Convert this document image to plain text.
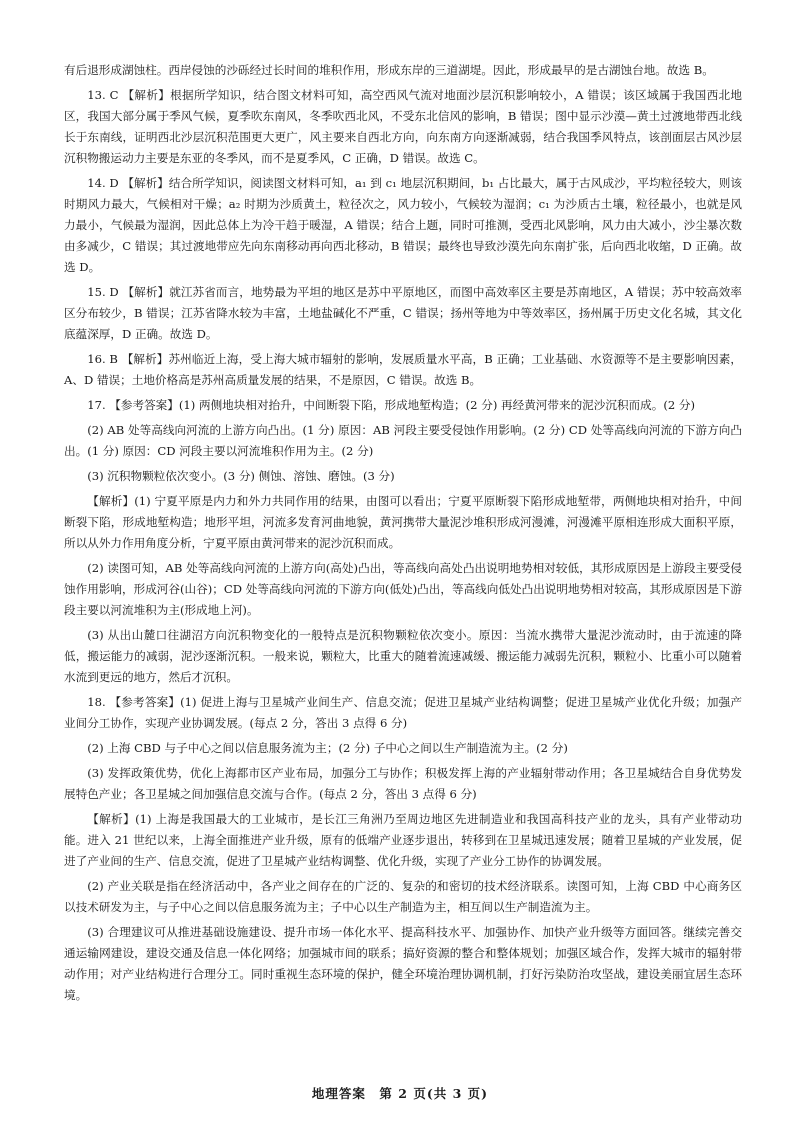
有后退形成湖蚀柱。西岸侵蚀的沙砾经过长时间的堆积作用，形成东岸的三道湖堤。因此，形成最早的是古湖蚀台地。故选 B。

13. C 【解析】根据所学知识，结合图文材料可知，高空西风气流对地面沙层沉积影响较小，A 错误；该区域属于我国西北地区，我国大部分属于季风气候，夏季吹东南风，冬季吹西北风，不受东北信风的影响，B 错误；图中显示沙漠—黄土过渡地带西北线长于东南线，证明西北沙层沉积范围更大更广，风主要来自西北方向，向东南方向逐渐减弱，结合我国季风特点，该剖面层古风沙层沉积物搬运动力主要是东亚的冬季风，而不是夏季风，C 正确，D 错误。故选 C。

14. D 【解析】结合所学知识，阅读图文材料可知，a₁ 到 c₁ 地层沉积期间，b₁ 占比最大，属于古风成沙，平均粒径较大，则该时期风力最大，气候相对干燥；a₂ 时期为沙质黄土，粒径次之，风力较小，气候较为湿润；c₁ 为沙质古土壤，粒径最小，也就是风力最小，气候最为湿润，因此总体上为冷干趋于暖湿，A 错误；结合上题，同时可推测，受西北风影响，风力由大减小，沙尘暴次数由多减少，C 错误；其过渡地带应先向东南移动再向西北移动，B 错误；最终也导致沙漠先向东南扩张，后向西北收缩，D 正确。故选 D。

15. D 【解析】就江苏省而言，地势最为平坦的地区是苏中平原地区，而图中高效率区主要是苏南地区，A 错误；苏中较高效率区分布较少，B 错误；江苏省降水较为丰富，土地盐碱化不严重，C 错误；扬州等地为中等效率区，扬州属于历史文化名城，其文化底蕴深厚，D 正确。故选 D。

16. B 【解析】苏州临近上海，受上海大城市辐射的影响，发展质量水平高，B 正确；工业基础、水资源等不是主要影响因素，A、D 错误；土地价格高是苏州高质量发展的结果，不是原因，C 错误。故选 B。

17. 【参考答案】(1) 两侧地块相对抬升，中间断裂下陷，形成地堑构造；(2 分) 再经黄河带来的泥沙沉积而成。(2 分)

(2) AB 处等高线向河流的上游方向凸出。(1 分) 原因：AB 河段主要受侵蚀作用影响。(2 分) CD 处等高线向河流的下游方向凸出。(1 分) 原因：CD 河段主要以河流堆积作用为主。(2 分)

(3) 沉积物颗粒依次变小。(3 分) 侧蚀、溶蚀、磨蚀。(3 分)

【解析】(1) 宁夏平原是内力和外力共同作用的结果，由图可以看出；宁夏平原断裂下陷形成地堑带，两侧地块相对抬升，中间断裂下陷，形成地堑构造；地形平坦，河流多发育河曲地貌，黄河携带大量泥沙堆积形成河漫滩，河漫滩平原相连形成大面积平原，所以从外力作用角度分析，宁夏平原由黄河带来的泥沙沉积而成。

(2) 读图可知，AB 处等高线向河流的上游方向(高处)凸出，等高线向高处凸出说明地势相对较低，其形成原因是上游段主要受侵蚀作用影响，形成河谷(山谷)；CD 处等高线向河流的下游方向(低处)凸出，等高线向低处凸出说明地势相对较高，其形成原因是下游段主要以河流堆积为主(形成地上河)。

(3) 从出山麓口往湖沼方向沉积物变化的一般特点是沉积物颗粒依次变小。原因：当流水携带大量泥沙流动时，由于流速的降低，搬运能力的减弱，泥沙逐渐沉积。一般来说，颗粒大，比重大的随着流速减缓、搬运能力减弱先沉积，颗粒小、比重小可以随着水流到更远的地方，然后才沉积。

18. 【参考答案】(1) 促进上海与卫星城产业间生产、信息交流；促进卫星城产业结构调整；促进卫星城产业优化升级；加强产业间分工协作，实现产业协调发展。(每点 2 分，答出 3 点得 6 分)

(2) 上海 CBD 与子中心之间以信息服务流为主；(2 分) 子中心之间以生产制造流为主。(2 分)

(3) 发挥政策优势，优化上海都市区产业布局，加强分工与协作；积极发挥上海的产业辐射带动作用；各卫星城结合自身优势发展特色产业；各卫星城之间加强信息交流与合作。(每点 2 分，答出 3 点得 6 分)

【解析】(1) 上海是我国最大的工业城市，是长江三角洲乃至周边地区先进制造业和我国高科技产业的龙头，具有产业带动功能。进入 21 世纪以来，上海全面推进产业升级，原有的低端产业逐步退出，转移到在卫星城迅速发展；随着卫星城的产业发展，促进了产业间的生产、信息交流，促进了卫星城产业结构调整、优化升级，实现了产业分工协作的协调发展。

(2) 产业关联是指在经济活动中，各产业之间存在的广泛的、复杂的和密切的技术经济联系。读图可知，上海 CBD 中心商务区以技术研发为主，与子中心之间以信息服务流为主；子中心以生产制造为主，相互间以生产制造流为主。

(3) 合理建议可从推进基础设施建设、提升市场一体化水平、提高科技水平、加强协作、加快产业升级等方面回答。继续完善交通运输网建设，建设交通及信息一体化网络；加强城市间的联系；搞好资源的整合和整体规划；加强区域合作，发挥大城市的辐射带动作用；对产业结构进行合理分工。同时重视生态环境的保护，健全环境治理协调机制，打好污染防治攻坚战，建设美丽宜居生态环境。

地理答案　第 2 页(共 3 页)
